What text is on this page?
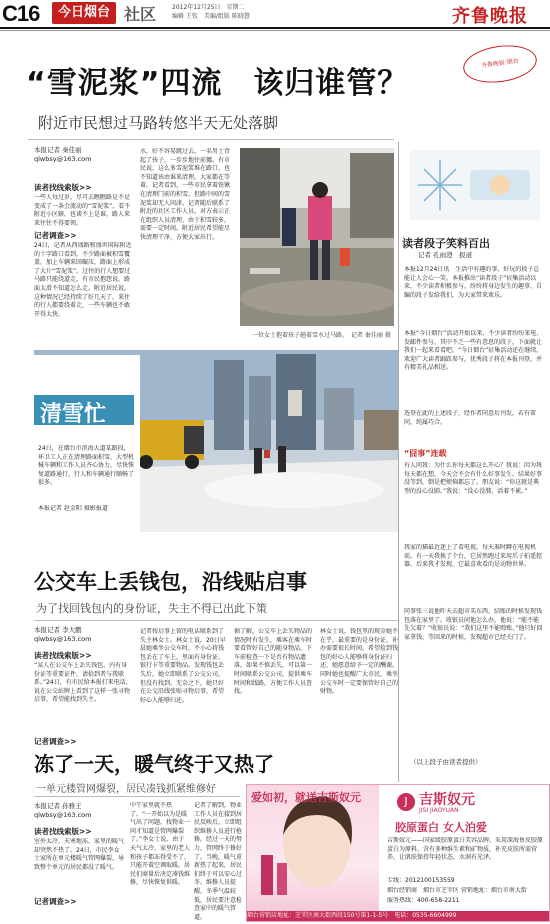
C16	今日烟台 社区	2012年12月25日　星期二
编辑 王钦　美编/组版 陈晓慧	齐鲁晚报
“雪泥浆”四流　该归谁管？
齐鲁晚报·烟台
附近市民想过马路转悠半天无处落脚
本报记者 秦佳丽
qlwbsy@163.com
读者找线索版>>
一些人每过岁，尽可去瞧瞧路是不是变成了一条会流动的“雪泥浆”，看不附近小区辖，也谈不上是谁，路人来来往往不得要领。
记者调查>>
24日，记者从西盛路和盛世国际附近的十字路口看到，不少路面被积雪覆盖，加上车辆来回碾压，路面上形成了大片“雪泥浆”。过往的行人想要过马路只能绕道走，有市民抱怨说，路面太滑不知道怎么走。附近居民说，这种情况已经持续了好几天了，来往的行人都要绕着走，一些车辆也不敢开得太快。
水，好不容易跳过去，一名男士背起了孩子，一步步地往前挪。有市民说，这么多雪泥浆堆在路口，也不知道该由谁来清理，大家都在等着。记者看到，一些市民拿着铁锹在清理门前的积雪，但路中间的雪泥浆却无人问津。记者随后联系了附近的社区工作人员，对方表示正在组织人员清理，由于积雪较多，需要一定时间。附近居民希望能尽快清理干净，方便大家出行。
一位女士抱着孩子趟着雪水过马路。　记者 秦佳丽 摄
清雪忙
24日，在烟台市滨海大道某路段，环卫工人正在清理路面积雪，大型机械车辆和工作人员齐心协力，尽快恢复道路通行，行人和车辆通行顺畅了很多。
本报记者 赵金阳 摄影报道
公交车上丢钱包，沿线贴启事
为了找回钱包内的身份证，失主不得已出此下策
本报记者 李大鹏
qlwbsy@163.com
读者找线索版>>
“某人在公交车上丢失钱包，内有身份证等重要证件，请拾到者与我联系。”24日，有市民给本报打来电话，说在公交站牌上看到了这样一张寻物启事，希望能找到失主。
记者调查>>
记者按启事上留的电话联系到了失主林女士。林女士说，20日早晨她乘坐公交车时，不小心将钱包丢在了车上，里面有身份证、银行卡等重要物品。发现钱包丢失后，她立即联系了公交公司，但没有找到。无奈之下，她只好在公交沿线张贴寻物启事，希望好心人能够归还。
据了解，公交车上丢失物品的情况时有发生，乘客在乘车时要看管好自己的随身物品，下车前检查一下是否有物品遗落。如果不慎丢失，可以第一时间联系公交公司，提供乘车时间和线路，方便工作人员查找。
林女士说，钱包里的现金她不在乎，最重要的是身份证，补办需要很长时间。希望捡到钱包的好心人能够将身份证归还，她愿意给予一定的酬谢。同时她也提醒广大市民，乘坐公交车时一定要保管好自己的财物。
冻了一天，暖气终于又热了
一单元楼管网爆裂，居民凑钱抓紧维修好
本报记者 孙雅王
qlwbsy@163.com
读者找线索版>>
室外太冷，天寒地冻，家里的暖气却突然不热了。24日，市民李女士家所在单元楼暖气管网爆裂，导致整个单元的居民都没了暖气。
记者调查>>
中午家里就不热了。“一开始以为是暖气出了问题，找物业一问才知道是管网爆裂了。”李女士说，由于天气太冷，家里的老人和孩子都冻得受不了，只能开着空调取暖。居民们商量后决定凑钱维修，尽快恢复供暖。
记者了解到，物业工作人员在接到居民反映后，立即组织维修人员进行抢修。经过一天的努力，管网终于修好了。当晚，暖气重新热了起来，居民们终于可以安心过冬。维修人员提醒，冬季气温较低，居民要注意检查家中的暖气管道。
读者段子笑料百出
记者 孔雨澄　报道
本报12月24日讯　生活中有趣的事、好玩的段子总能让人会心一笑。本报推出“读者段子”征集活动以来，不少读者积极参与，纷纷将身边发生的趣事、自编的段子发给我们，为大家带来欢乐。
本报“今日烟台”活动开始以来，不少读者纷纷来电、发邮件参与，其中不乏一些有意思的段子，下面就让我们一起来看看吧。“今日烟台”征集活动还在继续，欢迎广大读者踊跃参与，优秀段子将在本报刊登，并有精美礼品相送。
选登在此的上述段子，经作者同意后刊发，若有雷同，纯属巧合。
“囧事”连载
有人问我：为什么你每天都这么开心？我说：因为我每天都在想，今天会不会有什么好事发生。结果好事没等到，倒是把烦恼都忘了。朋友说：“你这就是典型的没心没肺。”我说：“没心没肺，活着不累。”
我家的猫最近迷上了看电视，每天准时蹲在电视机前。有一天我换了个台，它居然跑过来用爪子拍遥控器。后来我才发现，它最喜欢看的是动物世界。
同事张三说他昨天去超市买东西，结账的时候发现钱包落在家里了。收银员问他怎么办，他说：“能不能先欠着？”收银员说：“我们这里不能赊账。”他只好回家拿钱，等回来的时候，发现超市已经关门了。
（以上段子由读者提供）
爱如初，就送吉斯奴元	J 吉斯奴元
JISI JIAOYUAN
胶原蛋白 女人泊爱
吉斯奴元——国家级胶原蛋白美容品牌，采用深海鱼皮胶原蛋白为原料，含有多种维生素和矿物质，补充皮肤所需营养，让肌肤保持年轻状态，水润有光泽。
专线：2012100153559
烟台经销商　烟台市芝罘区 营销地址：烟台市南大街
服务热线：400-658-2211
烟台营销店地址：芝罘区南大街西段150号第1-1-5号　电话：0535-6604999
